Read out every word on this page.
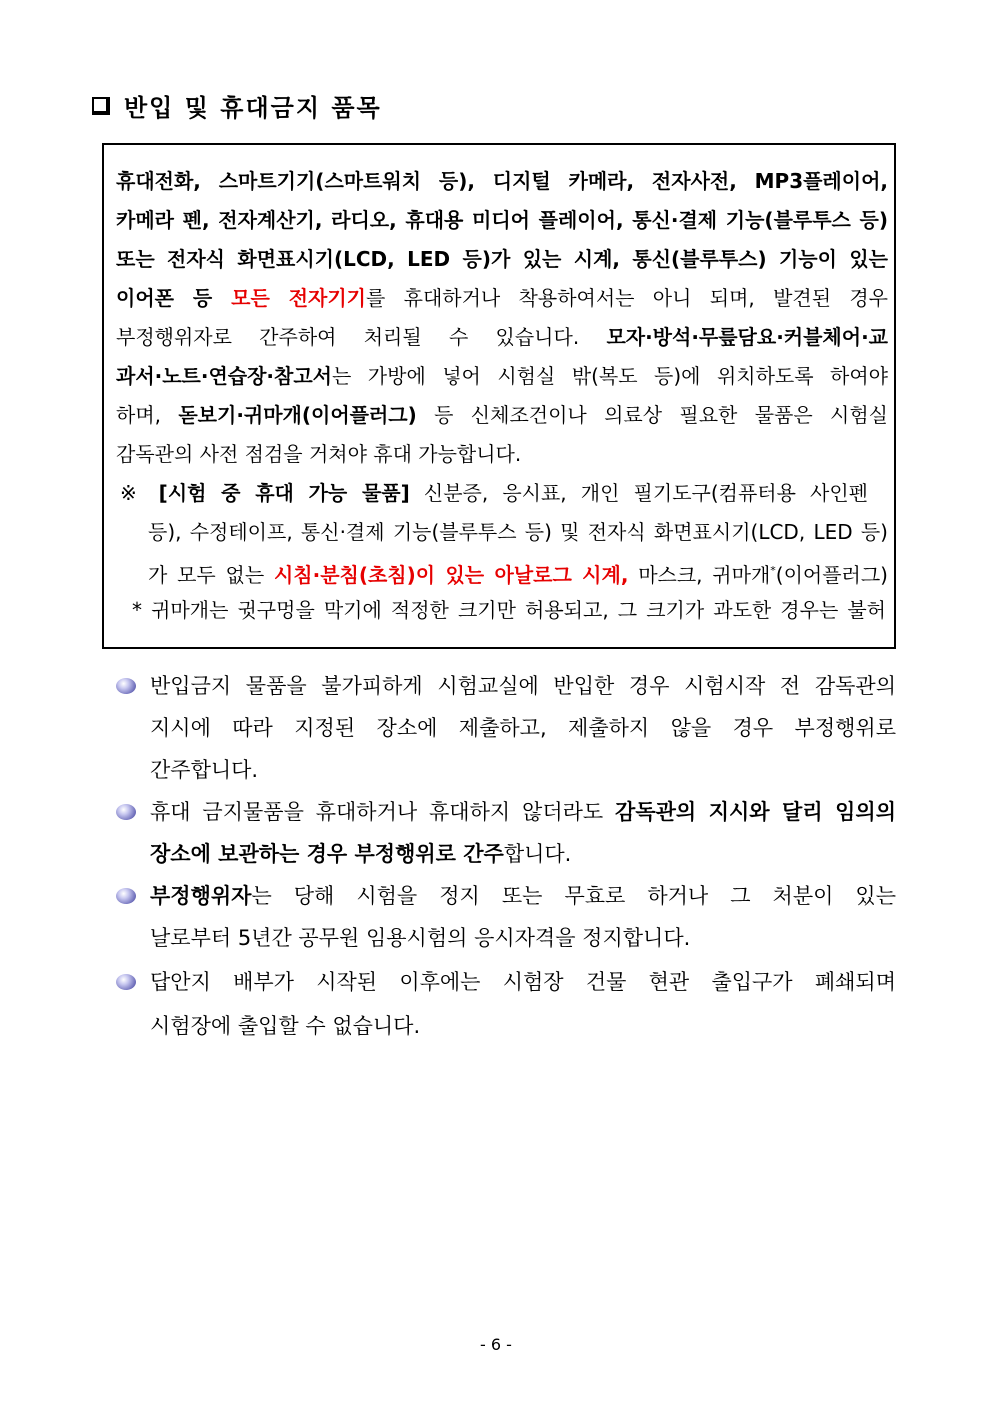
반입 및 휴대금지 품목
휴대전화, 스마트기기(스마트워치 등), 디지털 카메라, 전자사전, MP3플레이어,
카메라 펜, 전자계산기, 라디오, 휴대용 미디어 플레이어, 통신·결제 기능(블루투스 등)
또는 전자식 화면표시기(LCD, LED 등)가 있는 시계, 통신(블루투스) 기능이 있는
이어폰 등 모든 전자기기를 휴대하거나 착용하여서는 아니 되며, 발견된 경우
부정행위자로 간주하여 처리될 수 있습니다. 모자·방석·무릎담요·커블체어·교
과서·노트·연습장·참고서는 가방에 넣어 시험실 밖(복도 등)에 위치하도록 하여야
하며, 돋보기·귀마개(이어플러그) 등 신체조건이나 의료상 필요한 물품은 시험실
감독관의 사전 점검을 거쳐야 휴대 가능합니다.
※ [시험 중 휴대 가능 물품] 신분증, 응시표, 개인 필기도구(컴퓨터용 사인펜
등), 수정테이프, 통신·결제 기능(블루투스 등) 및 전자식 화면표시기(LCD, LED 등)
가 모두 없는 시침·분침(초침)이 있는 아날로그 시계, 마스크, 귀마개*(이어플러그)
* 귀마개는 귓구멍을 막기에 적정한 크기만 허용되고, 그 크기가 과도한 경우는 불허
반입금지 물품을 불가피하게 시험교실에 반입한 경우 시험시작 전 감독관의
지시에 따라 지정된 장소에 제출하고, 제출하지 않을 경우 부정행위로
간주합니다.
휴대 금지물품을 휴대하거나 휴대하지 않더라도 감독관의 지시와 달리 임의의
장소에 보관하는 경우 부정행위로 간주합니다.
부정행위자는 당해 시험을 정지 또는 무효로 하거나 그 처분이 있는
날로부터 5년간 공무원 임용시험의 응시자격을 정지합니다.
답안지 배부가 시작된 이후에는 시험장 건물 현관 출입구가 폐쇄되며
시험장에 출입할 수 없습니다.
- 6 -
